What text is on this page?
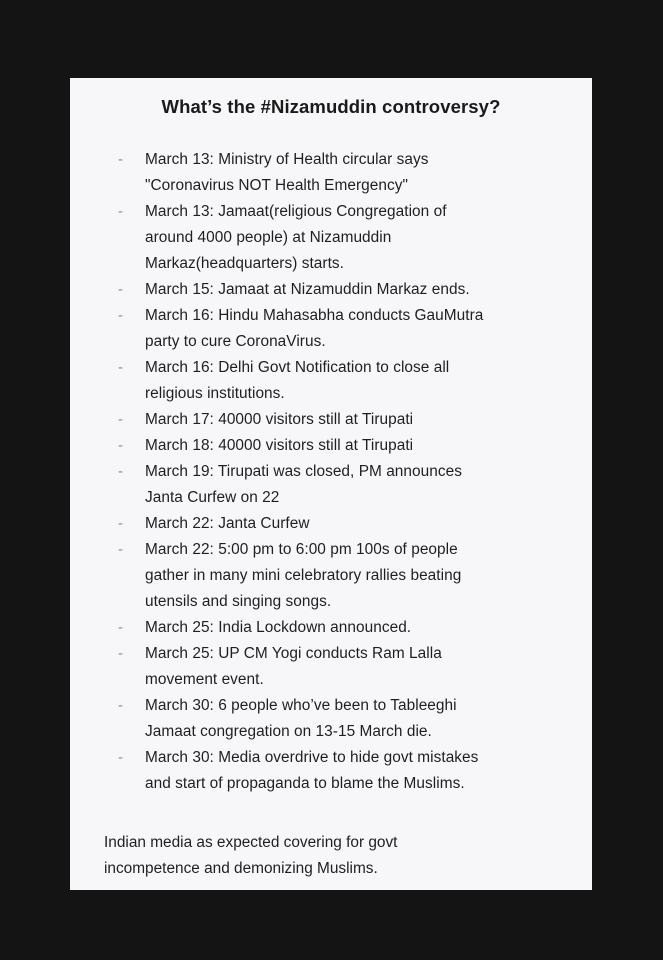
What’s the #Nizamuddin controversy?
- March 13: Ministry of Health circular says
"Coronavirus NOT Health Emergency"
- March 13: Jamaat(religious Congregation of
around 4000 people) at Nizamuddin
Markaz(headquarters) starts.
- March 15: Jamaat at Nizamuddin Markaz ends.
- March 16: Hindu Mahasabha conducts GauMutra
party to cure CoronaVirus.
- March 16: Delhi Govt Notification to close all
religious institutions.
- March 17: 40000 visitors still at Tirupati
- March 18: 40000 visitors still at Tirupati
- March 19: Tirupati was closed, PM announces
Janta Curfew on 22
- March 22: Janta Curfew
- March 22: 5:00 pm to 6:00 pm 100s of people
gather in many mini celebratory rallies beating
utensils and singing songs.
- March 25: India Lockdown announced.
- March 25: UP CM Yogi conducts Ram Lalla
movement event.
- March 30: 6 people who’ve been to Tableeghi
Jamaat congregation on 13-15 March die.
- March 30: Media overdrive to hide govt mistakes
and start of propaganda to blame the Muslims.
Indian media as expected covering for govt
incompetence and demonizing Muslims.
